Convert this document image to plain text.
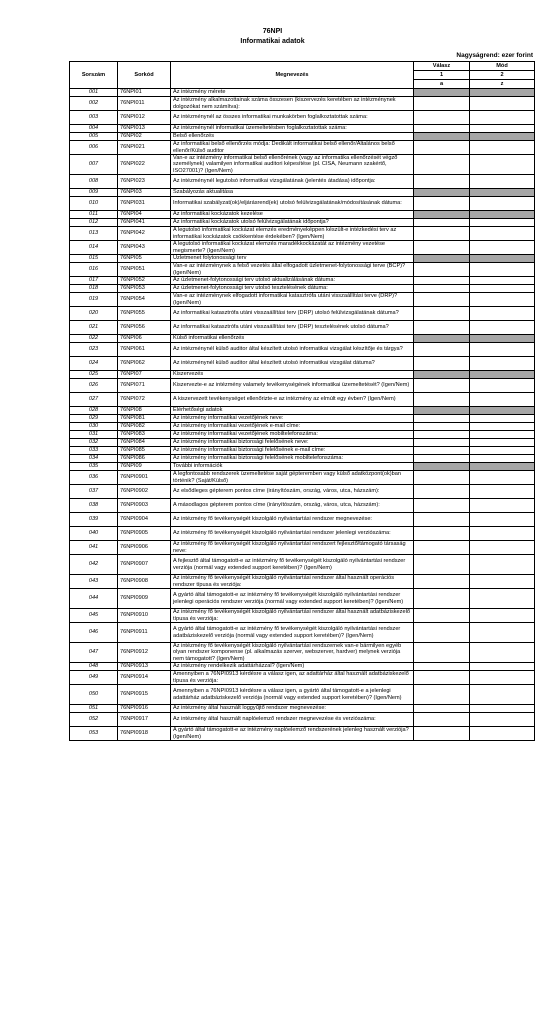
76NPI
Informatikai adatok
Nagyságrend: ezer forint
Sorszám	Sorkód	Megnevezés	Válasz	Mód
			1	2
			a	z
001	76NPI01	Az intézmény mérete		
002	76NPI011	Az intézmény alkalmazottainak száma összesen (kiszervezés keretében az intézménynek dolgozókat nem számítva):		
003	76NPI012	Az intézménynél az összes informatikai munkakörben foglalkoztatottak száma:		
004	76NPI013	Az intézménynél informatikai üzemeltetésben foglalkoztatottak száma:		
005	76NPI02	Belső ellenőrzés		
006	76NPI021	Az informatikai belső ellenőrzés módja: Dedikált informatikai belső ellenőr/Általános belső ellenőr/Külső auditor		
007	76NPI022	Van-e az intézmény informatikai belső ellenőrének (vagy az informatika ellenőrzését végző személynek) valamilyen informatikai auditori képesítése (pl. CISA, Neumann szakértő, ISO27001)? (Igen/Nem)		
008	76NPI023	Az intézménynél legutolsó informatikai vizsgálatának (jelentés átadása) időpontja:		
009	76NPI03	Szabályozás aktualitása		
010	76NPI031	Informatikai szabályzat(ok)/eljárásrend(ek) utolsó felülvizsgálatának/módosításának dátuma:		
011	76NPI04	Az informatikai kockázatok kezelése		
012	76NPI041	Az informatikai kockázatok utolsó felülvizsgálatának időpontja?		
013	76NPI042	A legutolsó informatikai kockázat elemzés eredményeképpen készült-e intézkedési terv az informatikai kockázatok csökkentése érdekében? (Igen/Nem)		
014	76NPI043	A legutolsó informatikai kockázat elemzés maradékkockázatát az intézmény vezetése megismerte? (Igen/Nem)		
015	76NPI05	Üzletmenet folytonossági terv		
016	76NPI051	Van-e az intézménynek a felső vezetés által elfogadott üzletmenet-folytonossági terve (BCP)? (Igen/Nem)		
017	76NPI052	Az üzletmenet-folytonossági terv utolsó aktualizálásának dátuma:		
018	76NPI053	Az üzletmenet-folytonossági terv utolsó tesztelésének dátuma:		
019	76NPI054	Van-e az intézménynek elfogadott informatikai katasztrófa utáni visszaállítási terve (DRP)? (Igen/Nem)		
020	76NPI055	Az informatikai katasztrófa utáni visszaállítási terv (DRP) utolsó felülvizsgálatának dátuma?		
021	76NPI056	Az informatikai katasztrófa utáni visszaállítási terv (DRP) tesztelésének utolsó dátuma?		
022	76NPI06	Külső informatikai ellenőrzés		
023	76NPI061	Az intézménynél külső auditor által készített utolsó informatikai vizsgálat készítője és tárgya?		
024	76NPI062	Az intézménynél külső auditor által készített utolsó informatikai vizsgálat dátuma?		
025	76NPI07	Kiszervezés		
026	76NPI071	Kiszervezte-e az intézmény valamely tevékenységének informatikai üzemeltetését? (Igen/Nem)		
027	76NPI072	A kiszervezett tevékenységet ellenőrizte-e az intézmény az elmúlt egy évben? (Igen/Nem)		
028	76NPI08	Elérhetőségi adatok		
029	76NPI081	Az intézmény informatikai vezetőjének neve:		
030	76NPI082	Az intézmény informatikai vezetőjének e-mail címe:		
031	76NPI083	Az intézmény informatikai vezetőjének mobiltelefonszáma:		
032	76NPI084	Az intézmény informatikai biztonsági felelősének neve:		
033	76NPI085	Az intézmény informatikai biztonsági felelősének e-mail címe:		
034	76NPI086	Az intézmény informatikai biztonsági felelősének mobiltelefonszáma:		
035	76NPI09	További információk		
036	76NPI0901	A legfontosabb rendszerek üzemeltetése saját gépteremben vagy külső adatközpont(ok)ban történik? (Saját/Külső)		
037	76NPI0902	Az elsődleges gépterem pontos címe (irányítószám, ország, város, utca, házszám):		
038	76NPI0903	A másodlagos gépterem pontos címe (irányítószám, ország, város, utca, házszám):		
039	76NPI0904	Az intézmény fő tevékenységét kiszolgáló nyilvántartási rendszer megnevezése:		
040	76NPI0905	Az intézmény fő tevékenységét kiszolgáló nyilvántartási rendszer jelenlegi verziószáma:		
041	76NPI0906	Az intézmény fő tevékenységét kiszolgáló nyilvántartási rendszert fejlesztő/támogató társaság neve:		
042	76NPI0907	A fejlesztő által támogatott-e az intézmény fő tevékenységét kiszolgáló nyilvántartási rendszer verziója (normál vagy extended support keretében)? (Igen/Nem)		
043	76NPI0908	Az intézmény fő tevékenységét kiszolgáló nyilvántartási rendszer által használt operációs rendszer típusa és verziója:		
044	76NPI0909	A gyártó által támogatott-e az intézmény fő tevékenységét kiszolgáló nyilvántartási rendszer jelenlegi operációs rendszer verziója (normál vagy extended support keretében)? (Igen/Nem)		
045	76NPI0910	Az intézmény fő tevékenységét kiszolgáló nyilvántartási rendszer által használt adatbáziskezelő típusa és verziója:		
046	76NPI0911	A gyártó által támogatott-e az intézmény fő tevékenységét kiszolgáló nyilvántartási rendszer adatbáziskezelő verziója (normál vagy extended support keretében)? (Igen/Nem)		
047	76NPI0912	Az intézmény fő tevékenységét kiszolgáló nyilvántartási rendszernek van-e bármilyen egyéb olyan rendszer komponense (pl. alkalmazás szerver, webszerver, hardver) melynek verziója nem támogatott? (Igen/Nem)		
048	76NPI0913	Az intézmény rendelkezik adattárházzal? (Igen/Nem)		
049	76NPI0914	Amennyiben a 76NPI0913 kérdésre a válasz igen, az adattárház által használt adatbáziskezelő típusa és verziója:		
050	76NPI0915	Amennyiben a 76NPI0913 kérdésre a válasz igen, a gyártó által támogatott-e a jelenlegi adattárház adatbáziskezelő verziója (normál vagy extended support keretében)? (Igen/Nem)		
051	76NPI0916	Az intézmény által használt loggyűjtő rendszer megnevezése:		
052	76NPI0917	Az intézmény által használt naplóelemző rendszer megnevezése és verziószáma:		
053	76NPI0918	A gyártó által támogatott-e az intézmény naplóelemző rendszerének jelenleg használt verziója? (Igen/Nem)		
